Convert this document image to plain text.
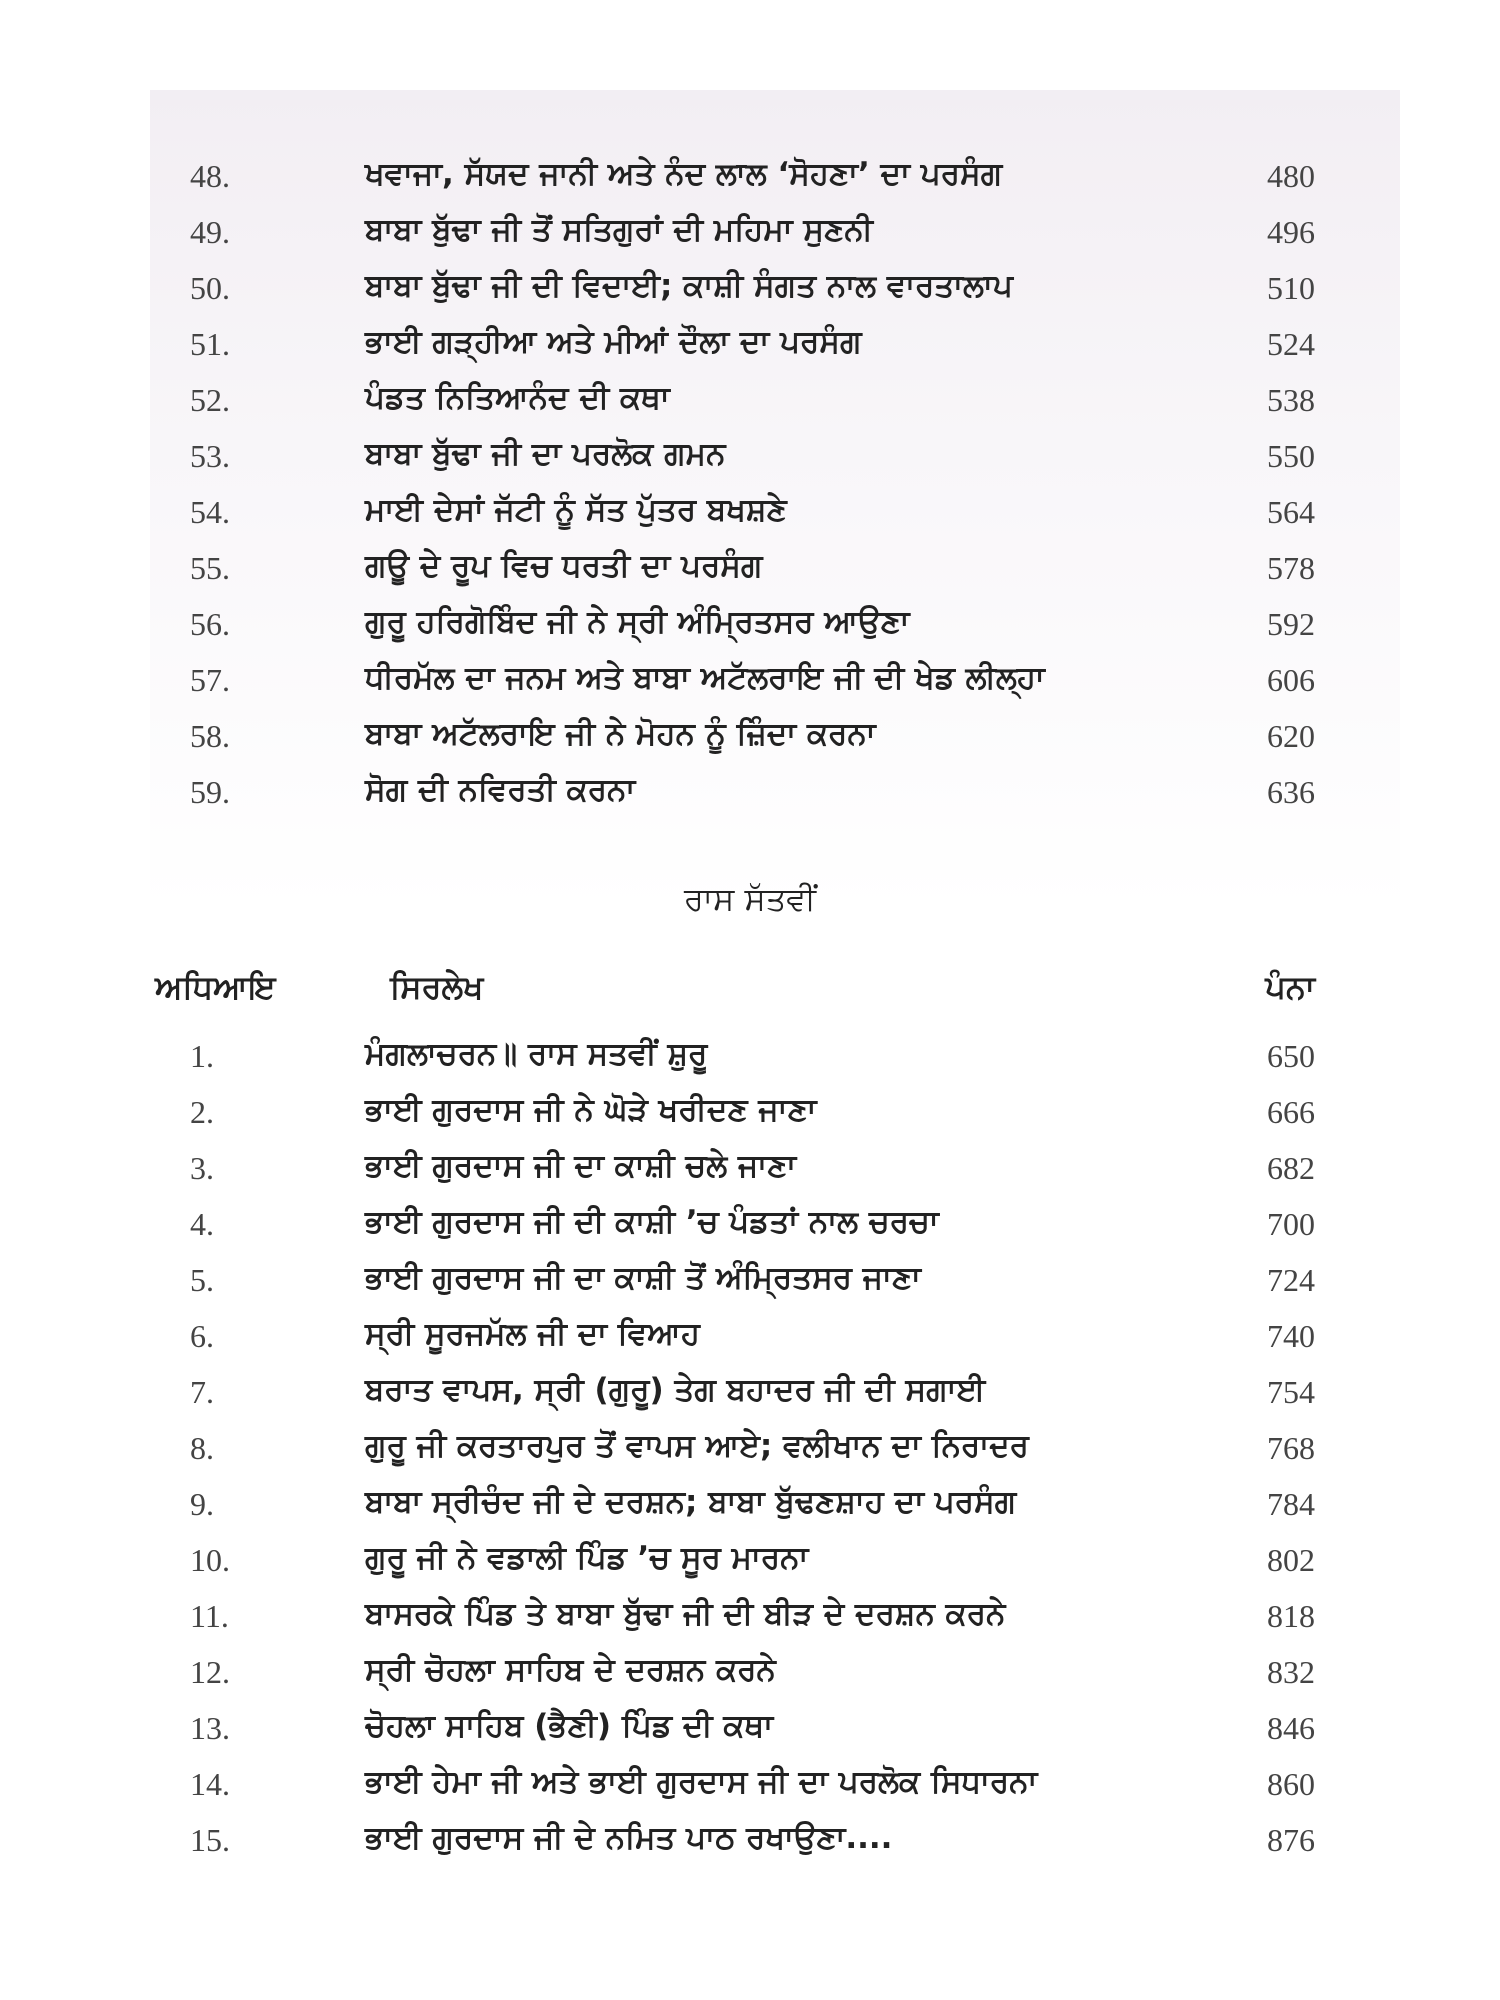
48.	ਖਵਾਜਾ, ਸੱਯਦ ਜਾਨੀ ਅਤੇ ਨੰਦ ਲਾਲ ‘ਸੋਹਣਾ’ ਦਾ ਪਰਸੰਗ	480
49.	ਬਾਬਾ ਬੁੱਢਾ ਜੀ ਤੋਂ ਸਤਿਗੁਰਾਂ ਦੀ ਮਹਿਮਾ ਸੁਣਨੀ	496
50.	ਬਾਬਾ ਬੁੱਢਾ ਜੀ ਦੀ ਵਿਦਾਈ; ਕਾਸ਼ੀ ਸੰਗਤ ਨਾਲ ਵਾਰਤਾਲਾਪ	510
51.	ਭਾਈ ਗੜ੍ਹੀਆ ਅਤੇ ਮੀਆਂ ਦੌਲਾ ਦਾ ਪਰਸੰਗ	524
52.	ਪੰਡਤ ਨਿਤਿਆਨੰਦ ਦੀ ਕਥਾ	538
53.	ਬਾਬਾ ਬੁੱਢਾ ਜੀ ਦਾ ਪਰਲੋਕ ਗਮਨ	550
54.	ਮਾਈ ਦੇਸਾਂ ਜੱਟੀ ਨੂੰ ਸੱਤ ਪੁੱਤਰ ਬਖਸ਼ਣੇ	564
55.	ਗਊ ਦੇ ਰੂਪ ਵਿਚ ਧਰਤੀ ਦਾ ਪਰਸੰਗ	578
56.	ਗੁਰੂ ਹਰਿਗੋਬਿੰਦ ਜੀ ਨੇ ਸ੍ਰੀ ਅੰਮ੍ਰਿਤਸਰ ਆਉਣਾ	592
57.	ਧੀਰਮੱਲ ਦਾ ਜਨਮ ਅਤੇ ਬਾਬਾ ਅਟੱਲਰਾਇ ਜੀ ਦੀ ਖੇਡ ਲੀਲ੍ਹਾ	606
58.	ਬਾਬਾ ਅਟੱਲਰਾਇ ਜੀ ਨੇ ਮੋਹਨ ਨੂੰ ਜ਼ਿੰਦਾ ਕਰਨਾ	620
59.	ਸੋਗ ਦੀ ਨਵਿਰਤੀ ਕਰਨਾ	636
ਰਾਸ ਸੱਤਵੀਂ
ਅਧਿਆਇ	ਸਿਰਲੇਖ	ਪੰਨਾ
1.	ਮੰਗਲਾਚਰਨ॥ ਰਾਸ ਸਤਵੀਂ ਸ਼ੁਰੂ	650
2.	ਭਾਈ ਗੁਰਦਾਸ ਜੀ ਨੇ ਘੋੜੇ ਖਰੀਦਣ ਜਾਣਾ	666
3.	ਭਾਈ ਗੁਰਦਾਸ ਜੀ ਦਾ ਕਾਸ਼ੀ ਚਲੇ ਜਾਣਾ	682
4.	ਭਾਈ ਗੁਰਦਾਸ ਜੀ ਦੀ ਕਾਸ਼ੀ ’ਚ ਪੰਡਤਾਂ ਨਾਲ ਚਰਚਾ	700
5.	ਭਾਈ ਗੁਰਦਾਸ ਜੀ ਦਾ ਕਾਸ਼ੀ ਤੋਂ ਅੰਮ੍ਰਿਤਸਰ ਜਾਣਾ	724
6.	ਸ੍ਰੀ ਸੂਰਜਮੱਲ ਜੀ ਦਾ ਵਿਆਹ	740
7.	ਬਰਾਤ ਵਾਪਸ, ਸ੍ਰੀ (ਗੁਰੂ) ਤੇਗ ਬਹਾਦਰ ਜੀ ਦੀ ਸਗਾਈ	754
8.	ਗੁਰੂ ਜੀ ਕਰਤਾਰਪੁਰ ਤੋਂ ਵਾਪਸ ਆਏ; ਵਲੀਖਾਨ ਦਾ ਨਿਰਾਦਰ	768
9.	ਬਾਬਾ ਸ੍ਰੀਚੰਦ ਜੀ ਦੇ ਦਰਸ਼ਨ; ਬਾਬਾ ਬੁੱਢਣਸ਼ਾਹ ਦਾ ਪਰਸੰਗ	784
10.	ਗੁਰੂ ਜੀ ਨੇ ਵਡਾਲੀ ਪਿੰਡ ’ਚ ਸੂਰ ਮਾਰਨਾ	802
11.	ਬਾਸਰਕੇ ਪਿੰਡ ਤੇ ਬਾਬਾ ਬੁੱਢਾ ਜੀ ਦੀ ਬੀੜ ਦੇ ਦਰਸ਼ਨ ਕਰਨੇ	818
12.	ਸ੍ਰੀ ਚੋਹਲਾ ਸਾਹਿਬ ਦੇ ਦਰਸ਼ਨ ਕਰਨੇ	832
13.	ਚੋਹਲਾ ਸਾਹਿਬ (ਭੈਣੀ) ਪਿੰਡ ਦੀ ਕਥਾ	846
14.	ਭਾਈ ਹੇਮਾ ਜੀ ਅਤੇ ਭਾਈ ਗੁਰਦਾਸ ਜੀ ਦਾ ਪਰਲੋਕ ਸਿਧਾਰਨਾ	860
15.	ਭਾਈ ਗੁਰਦਾਸ ਜੀ ਦੇ ਨਮਿਤ ਪਾਠ ਰਖਾਉਣਾ....	876
